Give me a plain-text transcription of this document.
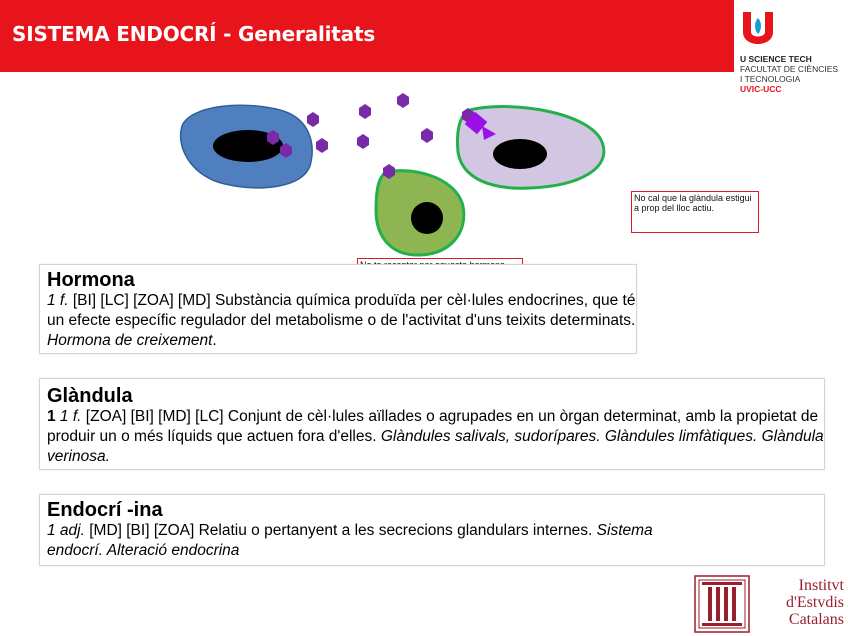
SISTEMA ENDOCRÍ - Generalitats
U SCIENCE TECH
FACULTAT DE CIÈNCIES
I TECNOLOGIA
UVIC-UCC
No cal que la glàndula estigui a prop del lloc actiu.
Hormona

1 f. [BI] [LC] [ZOA] [MD] Substància química produïda per cèl·lules endocrines, que té un efecte específic regulador del metabolisme o de l'activitat d'uns teixits determinats. Hormona de creixement.

Glàndula

1 1 f. [ZOA] [BI] [MD] [LC] Conjunt de cèl·lules aïllades o agrupades en un òrgan determinat, amb la propietat de produir un o més líquids que actuen fora d'elles. Glàndules salivals, sudorípares. Glàndules limfàtiques. Glàndula verinosa.

Endocrí -ina

1 adj. [MD] [BI] [ZOA] Relatiu o pertanyent a les secrecions glandulars internes. Sistema endocrí. Alteració endocrina

Institvt
d'Estvdis
Catalans
